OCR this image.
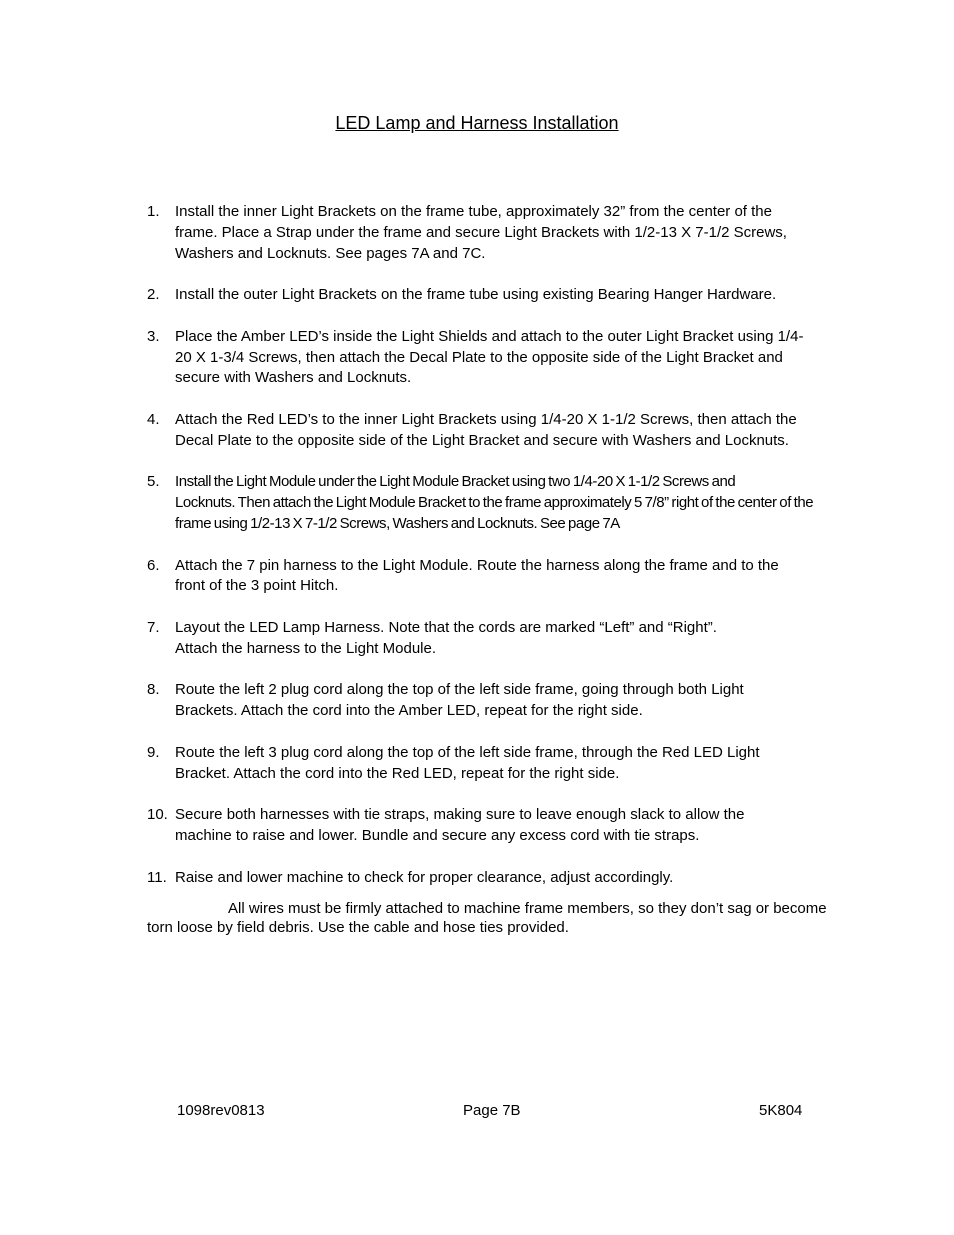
LED Lamp and Harness Installation
1. Install the inner Light Brackets on the frame tube, approximately 32” from the center of the
frame. Place a Strap under the frame and secure Light Brackets with 1/2-13 X 7-1/2 Screws,
Washers and Locknuts. See pages 7A and 7C.
2. Install the outer Light Brackets on the frame tube using existing Bearing Hanger Hardware.
3. Place the Amber LED’s inside the Light Shields and attach to the outer Light Bracket using 1/4-
20 X 1-3/4 Screws, then attach the Decal Plate to the opposite side of the Light Bracket and
secure with Washers and Locknuts.
4. Attach the Red LED’s to the inner Light Brackets using 1/4-20 X 1-1/2 Screws, then attach the
Decal Plate to the opposite side of the Light Bracket and secure with Washers and Locknuts.
5. Install the Light Module under the Light Module Bracket using two 1/4-20 X 1-1/2 Screws and
Locknuts. Then attach the Light Module Bracket to the frame approximately 5 7/8” right of the center of the
frame using 1/2-13 X 7-1/2 Screws, Washers and Locknuts. See page 7A
6. Attach the 7 pin harness to the Light Module. Route the harness along the frame and to the
front of the 3 point Hitch.
7. Layout the LED Lamp Harness. Note that the cords are marked “Left” and “Right”.
Attach the harness to the Light Module.
8. Route the left 2 plug cord along the top of the left side frame, going through both Light
Brackets. Attach the cord into the Amber LED, repeat for the right side.
9. Route the left 3 plug cord along the top of the left side frame, through the Red LED Light
Bracket. Attach the cord into the Red LED, repeat for the right side.
10. Secure both harnesses with tie straps, making sure to leave enough slack to allow the
machine to raise and lower. Bundle and secure any excess cord with tie straps.
11. Raise and lower machine to check for proper clearance, adjust accordingly.

All wires must be firmly attached to machine frame members, so they don’t sag or become torn loose by field debris. Use the cable and hose ties provided.

1098rev0813	Page 7B	5K804
